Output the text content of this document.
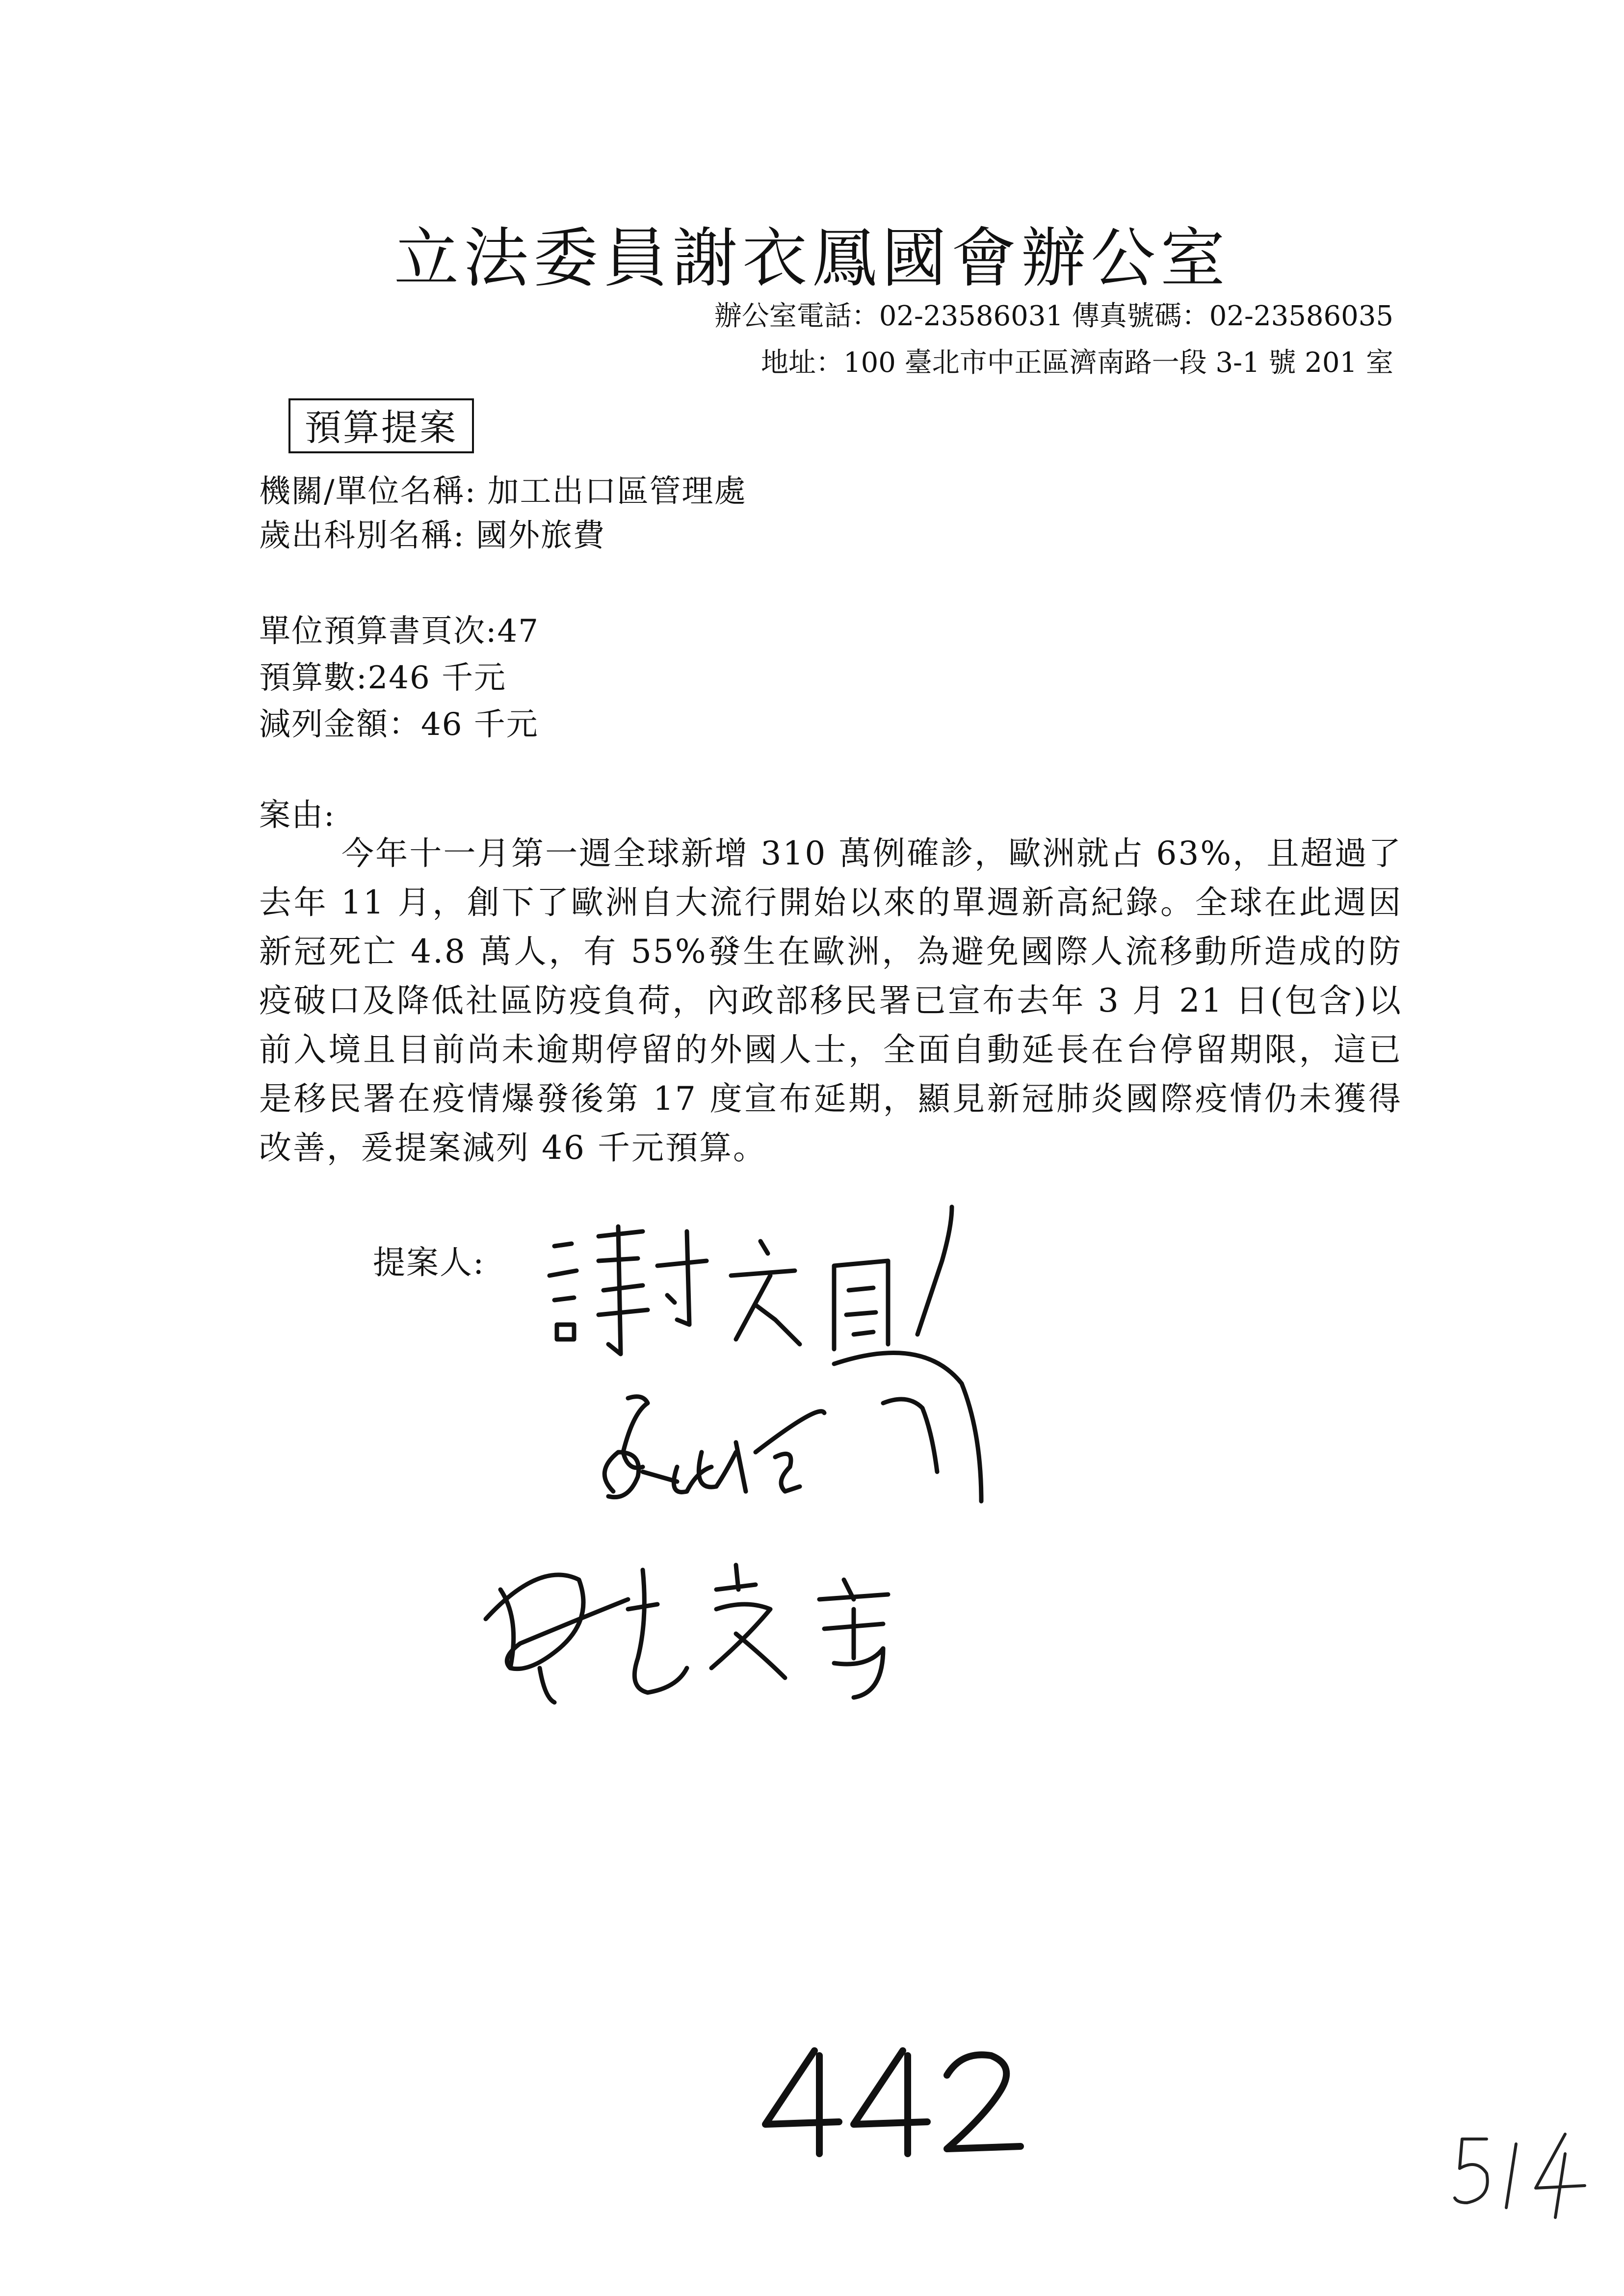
立法委員謝衣鳳國會辦公室
辦公室電話：02-23586031 傳真號碼：02-23586035
地址：100 臺北市中正區濟南路一段 3-1 號 201 室
預算提案
機關/單位名稱: 加工出口區管理處
歲出科別名稱: 國外旅費
單位預算書頁次:47
預算數:246 千元
減列金額：46 千元
案由:
今年十一月第一週全球新增 310 萬例確診，歐洲就占 63%，且超過了去年 11 月，創下了歐洲自大流行開始以來的單週新高紀錄。全球在此週因新冠死亡 4.8 萬人，有 55%發生在歐洲，為避免國際人流移動所造成的防疫破口及降低社區防疫負荷，內政部移民署已宣布去年 3 月 21 日(包含)以前入境且目前尚未逾期停留的外國人士，全面自動延長在台停留期限，這已是移民署在疫情爆發後第 17 度宣布延期，顯見新冠肺炎國際疫情仍未獲得改善，爰提案減列 46 千元預算。
提案人:
